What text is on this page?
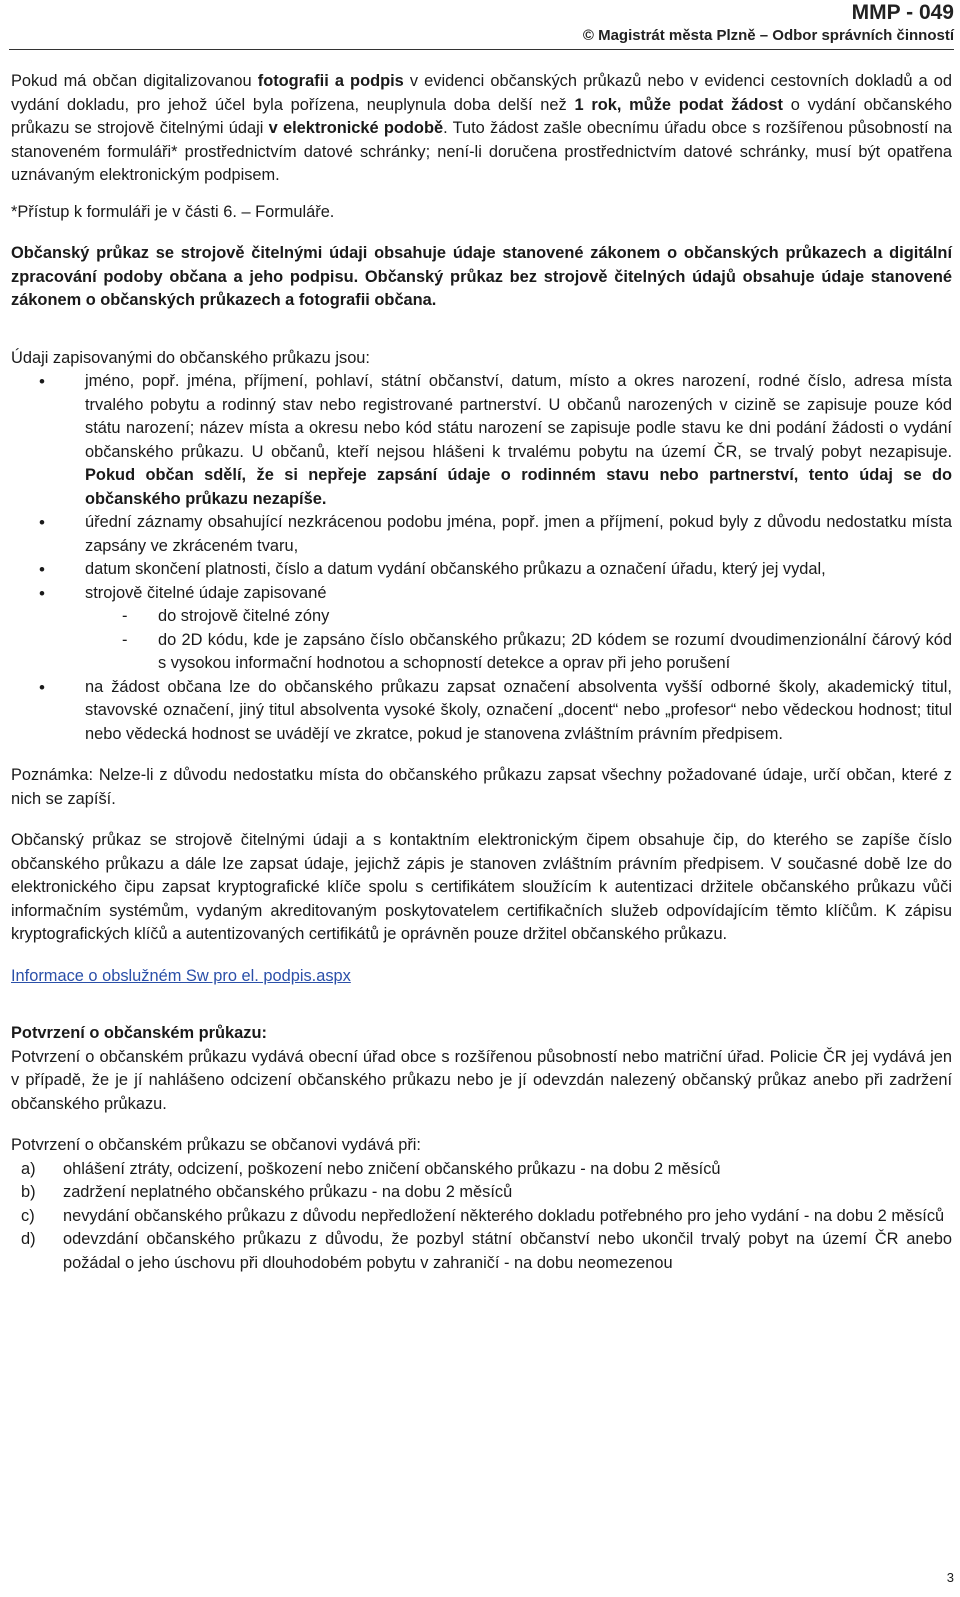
MMP - 049
© Magistrát města Plzně – Odbor správních činností

Pokud má občan digitalizovanou fotografii a podpis v evidenci občanských průkazů nebo v evidenci cestovních dokladů a od vydání dokladu, pro jehož účel byla pořízena, neuplynula doba delší než 1 rok, může podat žádost o vydání občanského průkazu se strojově čitelnými údaji v elektronické podobě. Tuto žádost zašle obecnímu úřadu obce s rozšířenou působností na stanoveném formuláři* prostřednictvím datové schránky; není-li doručena prostřednictvím datové schránky, musí být opatřena uznávaným elektronickým podpisem.

*Přístup k formuláři je v části 6. – Formuláře.

Občanský průkaz se strojově čitelnými údaji obsahuje údaje stanovené zákonem o občanských průkazech a digitální zpracování podoby občana a jeho podpisu. Občanský průkaz bez strojově čitelných údajů obsahuje údaje stanovené zákonem o občanských průkazech a fotografii občana.

Údaji zapisovanými do občanského průkazu jsou:

• jméno, popř. jména, příjmení, pohlaví, státní občanství, datum, místo a okres narození, rodné číslo, adresa místa trvalého pobytu a rodinný stav nebo registrované partnerství. U občanů narozených v cizině se zapisuje pouze kód státu narození; název místa a okresu nebo kód státu narození se zapisuje podle stavu ke dni podání žádosti o vydání občanského průkazu. U občanů, kteří nejsou hlášeni k trvalému pobytu na území ČR, se trvalý pobyt nezapisuje. Pokud občan sdělí, že si nepřeje zapsání údaje o rodinném stavu nebo partnerství, tento údaj se do občanského průkazu nezapíše.
• úřední záznamy obsahující nezkrácenou podobu jména, popř. jmen a příjmení, pokud byly z důvodu nedostatku místa zapsány ve zkráceném tvaru,
• datum skončení platnosti, číslo a datum vydání občanského průkazu a označení úřadu, který jej vydal,
• strojově čitelné údaje zapisované
- do strojově čitelné zóny
- do 2D kódu, kde je zapsáno číslo občanského průkazu; 2D kódem se rozumí dvoudimenzionální čárový kód s vysokou informační hodnotou a schopností detekce a oprav při jeho porušení
• na žádost občana lze do občanského průkazu zapsat označení absolventa vyšší odborné školy, akademický titul, stavovské označení, jiný titul absolventa vysoké školy, označení „docent“ nebo „profesor“ nebo vědeckou hodnost; titul nebo vědecká hodnost se uvádějí ve zkratce, pokud je stanovena zvláštním právním předpisem.

Poznámka: Nelze-li z důvodu nedostatku místa do občanského průkazu zapsat všechny požadované údaje, určí občan, které z nich se zapíší.

Občanský průkaz se strojově čitelnými údaji a s kontaktním elektronickým čipem obsahuje čip, do kterého se zapíše číslo občanského průkazu a dále lze zapsat údaje, jejichž zápis je stanoven zvláštním právním předpisem. V současné době lze do elektronického čipu zapsat kryptografické klíče spolu s certifikátem sloužícím k autentizaci držitele občanského průkazu vůči informačním systémům, vydaným akreditovaným poskytovatelem certifikačních služeb odpovídajícím těmto klíčům. K zápisu kryptografických klíčů a autentizovaných certifikátů je oprávněn pouze držitel občanského průkazu.

Informace o obslužném Sw pro el. podpis.aspx

Potvrzení o občanském průkazu:

Potvrzení o občanském průkazu vydává obecní úřad obce s rozšířenou působností nebo matriční úřad. Policie ČR jej vydává jen v případě, že je jí nahlášeno odcizení občanského průkazu nebo je jí odevzdán nalezený občanský průkaz anebo při zadržení občanského průkazu.

Potvrzení o občanském průkazu se občanovi vydává při:

a) ohlášení ztráty, odcizení, poškození nebo zničení občanského průkazu - na dobu 2 měsíců
b) zadržení neplatného občanského průkazu - na dobu 2 měsíců
c) nevydání občanského průkazu z důvodu nepředložení některého dokladu potřebného pro jeho vydání - na dobu 2 měsíců
d) odevzdání občanského průkazu z důvodu, že pozbyl státní občanství nebo ukončil trvalý pobyt na území ČR anebo požádal o jeho úschovu při dlouhodobém pobytu v zahraničí - na dobu neomezenou
3
